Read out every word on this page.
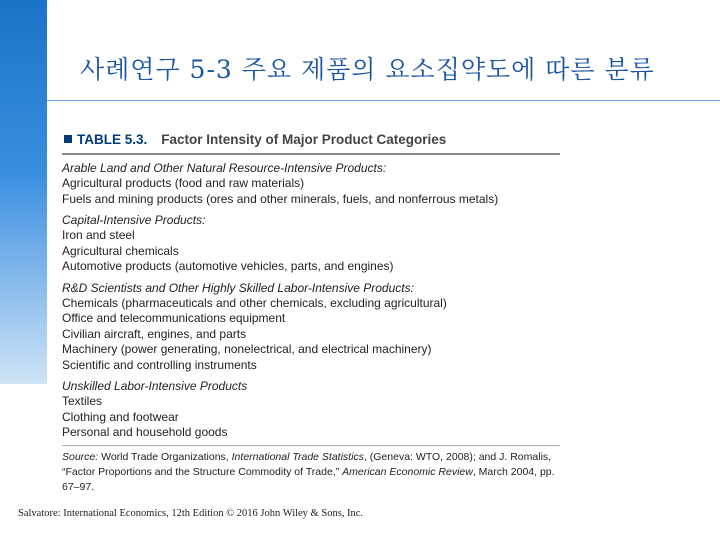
사례연구 5-3 주요 제품의 요소집약도에 따른 분류
TABLE 5.3. Factor Intensity of Major Product Categories
Arable Land and Other Natural Resource-Intensive Products:
Agricultural products (food and raw materials)
Fuels and mining products (ores and other minerals, fuels, and nonferrous metals)
Capital-Intensive Products:
Iron and steel
Agricultural chemicals
Automotive products (automotive vehicles, parts, and engines)
R&D Scientists and Other Highly Skilled Labor-Intensive Products:
Chemicals (pharmaceuticals and other chemicals, excluding agricultural)
Office and telecommunications equipment
Civilian aircraft, engines, and parts
Machinery (power generating, nonelectrical, and electrical machinery)
Scientific and controlling instruments
Unskilled Labor-Intensive Products
Textiles
Clothing and footwear
Personal and household goods
Source: World Trade Organizations, International Trade Statistics, (Geneva: WTO, 2008); and J. Romalis, “Factor Proportions and the Structure Commodity of Trade,” American Economic Review, March 2004, pp. 67–97.
Salvatore: International Economics, 12th Edition © 2016 John Wiley & Sons, Inc.
